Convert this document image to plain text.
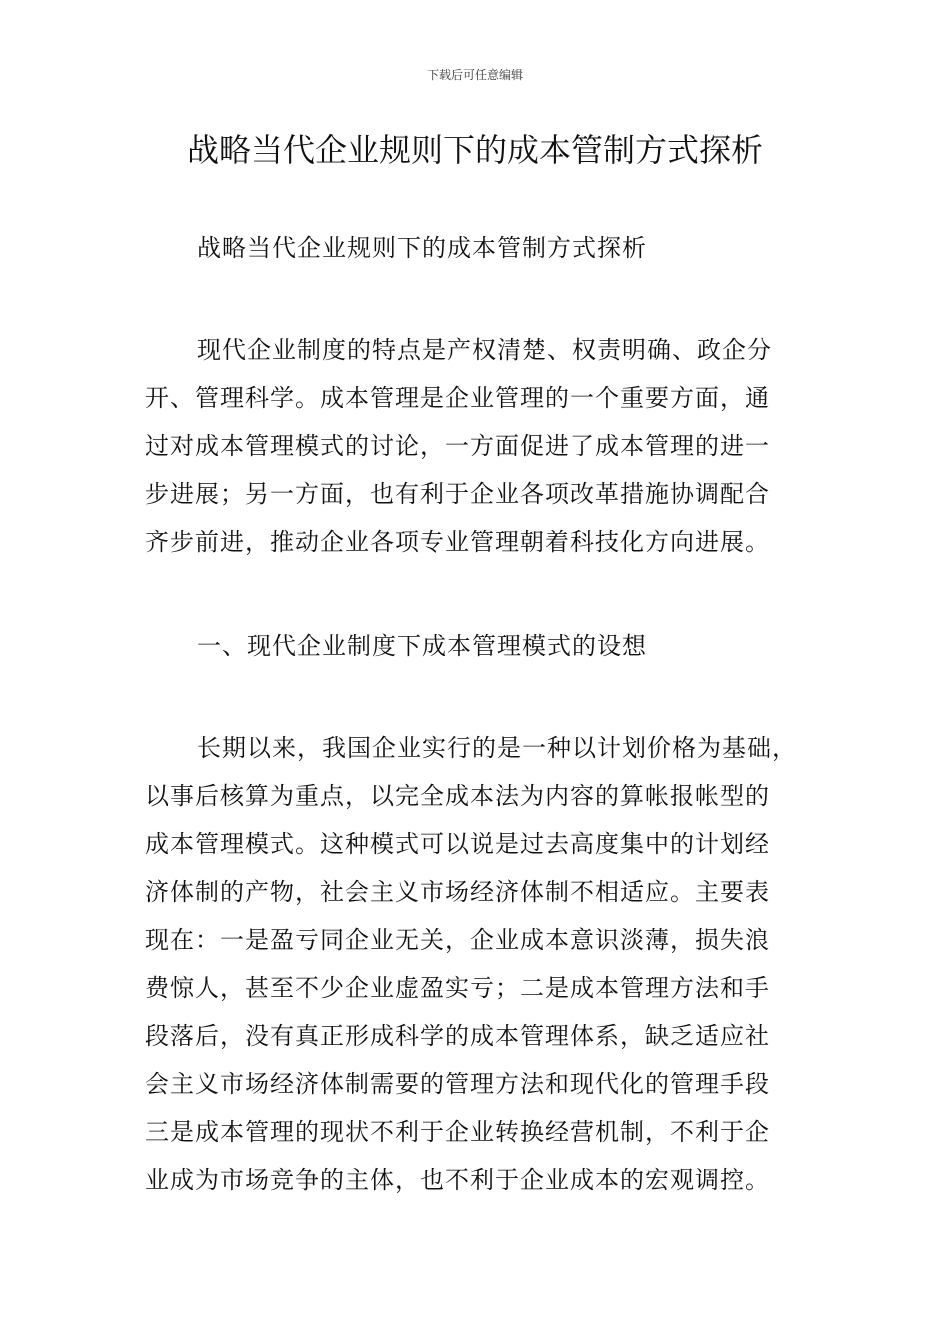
下载后可任意编辑
战略当代企业规则下的成本管制方式探析

战略当代企业规则下的成本管制方式探析

现代企业制度的特点是产权清楚、权责明确、政企分
开、管理科学。成本管理是企业管理的一个重要方面，通
过对成本管理模式的讨论，一方面促进了成本管理的进一
步进展；另一方面，也有利于企业各项改革措施协调配合
齐步前进，推动企业各项专业管理朝着科技化方向进展。

一、现代企业制度下成本管理模式的设想

长期以来，我国企业实行的是一种以计划价格为基础，
以事后核算为重点，以完全成本法为内容的算帐报帐型的
成本管理模式。这种模式可以说是过去高度集中的计划经
济体制的产物，社会主义市场经济体制不相适应。主要表
现在：一是盈亏同企业无关，企业成本意识淡薄，损失浪
费惊人，甚至不少企业虚盈实亏；二是成本管理方法和手
段落后，没有真正形成科学的成本管理体系，缺乏适应社
会主义市场经济体制需要的管理方法和现代化的管理手段
三是成本管理的现状不利于企业转换经营机制，不利于企
业成为市场竞争的主体，也不利于企业成本的宏观调控。
